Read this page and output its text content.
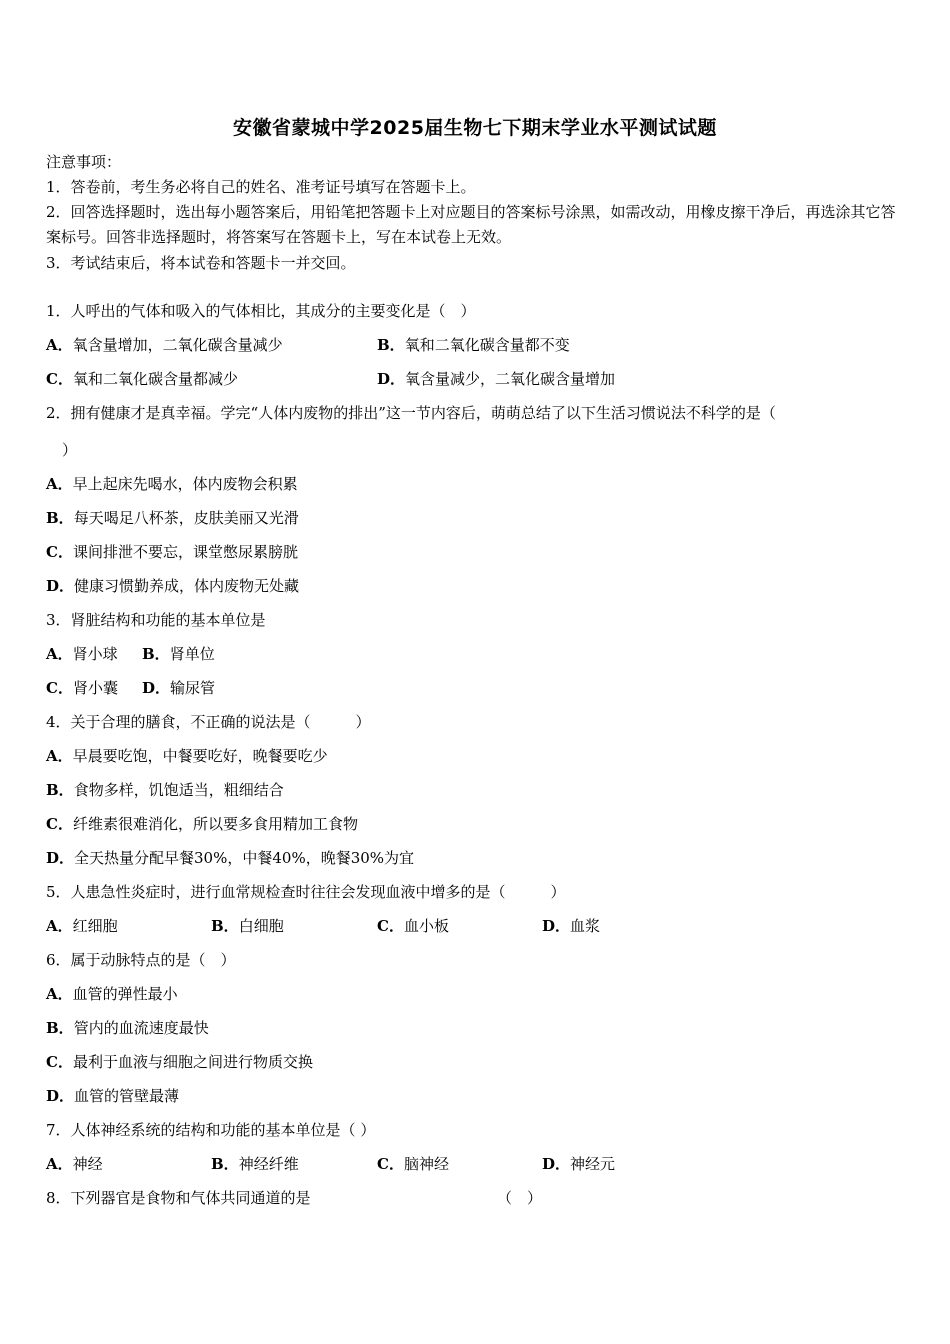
安徽省蒙城中学2025届生物七下期末学业水平测试试题
注意事项：
1．答卷前，考生务必将自己的姓名、准考证号填写在答题卡上。
2．回答选择题时，选出每小题答案后，用铅笔把答题卡上对应题目的答案标号涂黑，如需改动，用橡皮擦干净后，再选涂其它答案标号。回答非选择题时，将答案写在答题卡上，写在本试卷上无效。
3．考试结束后，将本试卷和答题卡一并交回。
1．人呼出的气体和吸入的气体相比，其成分的主要变化是（　）
A．氧含量增加，二氧化碳含量减少	B．氧和二氧化碳含量都不变
C．氧和二氧化碳含量都减少	D．氧含量减少，二氧化碳含量增加
2．拥有健康才是真幸福。学完“人体内废物的排出”这一节内容后，萌萌总结了以下生活习惯说法不科学的是（
）
A．早上起床先喝水，体内废物会积累
B．每天喝足八杯茶，皮肤美丽又光滑
C．课间排泄不要忘，课堂憋尿累膀胱
D．健康习惯勤养成，体内废物无处藏
3．肾脏结构和功能的基本单位是
A．肾小球 B．肾单位
C．肾小囊 D．输尿管
4．关于合理的膳食，不正确的说法是（　　　）
A．早晨要吃饱，中餐要吃好，晚餐要吃少
B．食物多样，饥饱适当，粗细结合
C．纤维素很难消化，所以要多食用精加工食物
D．全天热量分配早餐30%，中餐40%，晚餐30%为宜
5．人患急性炎症时，进行血常规检查时往往会发现血液中增多的是（　　　）
A．红细胞	B．白细胞	C．血小板	D．血浆
6．属于动脉特点的是（　）
A．血管的弹性最小
B．管内的血流速度最快
C．最利于血液与细胞之间进行物质交换
D．血管的管壁最薄
7．人体神经系统的结构和功能的基本单位是（ ）
A．神经	B．神经纤维	C．脑神经	D．神经元
8．下列器官是食物和气体共同通道的是	（　）
